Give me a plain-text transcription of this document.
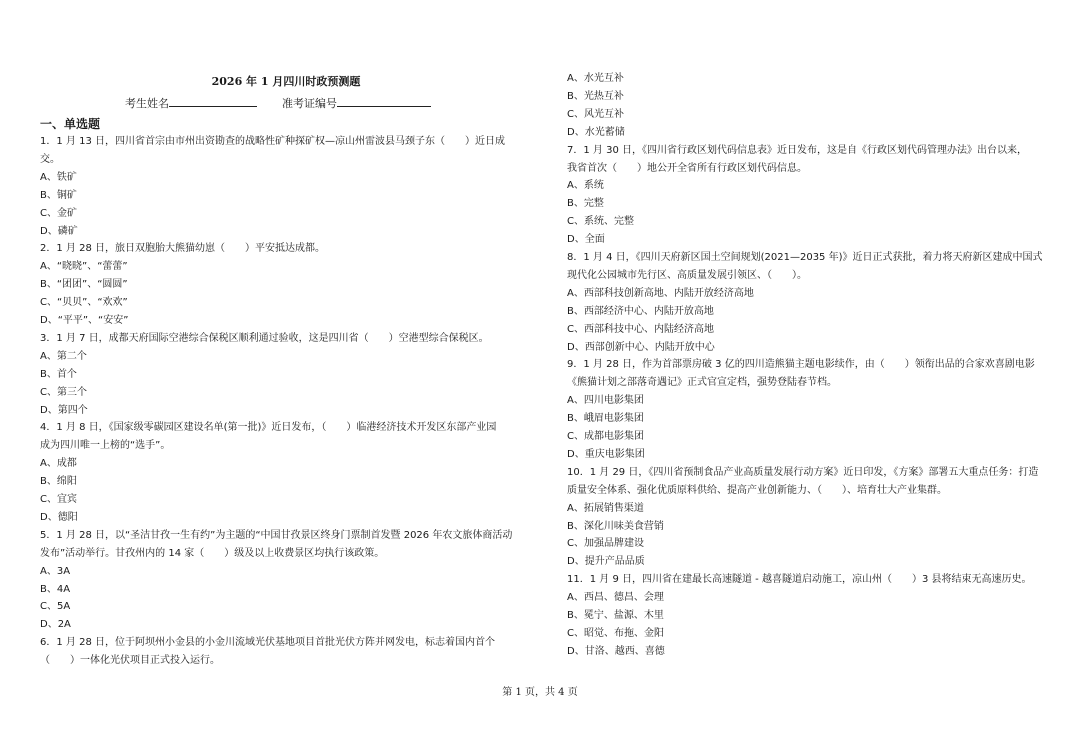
2026 年 1 月四川时政预测题
考生姓名	准考证编号
一、单选题
1．1 月 13 日，四川省首宗由市州出资勘查的战略性矿种探矿权—凉山州雷波县马颈子东（　　）近日成
交。
A、铁矿
B、铜矿
C、金矿
D、磷矿
2．1 月 28 日，旅日双胞胎大熊猫幼崽（　　）平安抵达成都。
A、“晓晓”、“蕾蕾”
B、“团团”、“圆圆”
C、“贝贝”、“欢欢”
D、“平平”、“安安”
3．1 月 7 日，成都天府国际空港综合保税区顺利通过验收，这是四川省（　　）空港型综合保税区。
A、第二个
B、首个
C、第三个
D、第四个
4．1 月 8 日，《国家级零碳园区建设名单(第一批)》近日发布，（　　）临港经济技术开发区东部产业园
成为四川唯一上榜的“选手”。
A、成都
B、绵阳
C、宜宾
D、德阳
5．1 月 28 日，以“圣洁甘孜一生有约”为主题的“中国甘孜景区终身门票制首发暨 2026 年农文旅体商活动
发布”活动举行。甘孜州内的 14 家（　　）级及以上收费景区均执行该政策。
A、3A
B、4A
C、5A
D、2A
6．1 月 28 日，位于阿坝州小金县的小金川流域光伏基地项目首批光伏方阵并网发电，标志着国内首个
（　　）一体化光伏项目正式投入运行。
A、水光互补
B、光热互补
C、风光互补
D、水光蓄储
7．1 月 30 日，《四川省行政区划代码信息表》近日发布，这是自《行政区划代码管理办法》出台以来，
我省首次（　　）地公开全省所有行政区划代码信息。
A、系统
B、完整
C、系统、完整
D、全面
8．1 月 4 日，《四川天府新区国土空间规划(2021—2035 年)》近日正式获批，着力将天府新区建成中国式
现代化公园城市先行区、高质量发展引领区、（　　）。
A、西部科技创新高地、内陆开放经济高地
B、西部经济中心、内陆开放高地
C、西部科技中心、内陆经济高地
D、西部创新中心、内陆开放中心
9．1 月 28 日，作为首部票房破 3 亿的四川造熊猫主题电影续作，由（　　）领衔出品的合家欢喜剧电影
《熊猫计划之部落奇遇记》正式官宣定档，强势登陆春节档。
A、四川电影集团
B、峨眉电影集团
C、成都电影集团
D、重庆电影集团
10．1 月 29 日，《四川省预制食品产业高质量发展行动方案》近日印发，《方案》部署五大重点任务：打造
质量安全体系、强化优质原料供给、提高产业创新能力、（　　）、培育壮大产业集群。
A、拓展销售渠道
B、深化川味美食营销
C、加强品牌建设
D、提升产品品质
11．1 月 9 日，四川省在建最长高速隧道 - 越喜隧道启动施工，凉山州（　　）3 县将结束无高速历史。
A、西昌、德昌、会理
B、冕宁、盐源、木里
C、昭觉、布拖、金阳
D、甘洛、越西、喜德
第 1 页，共 4 页
